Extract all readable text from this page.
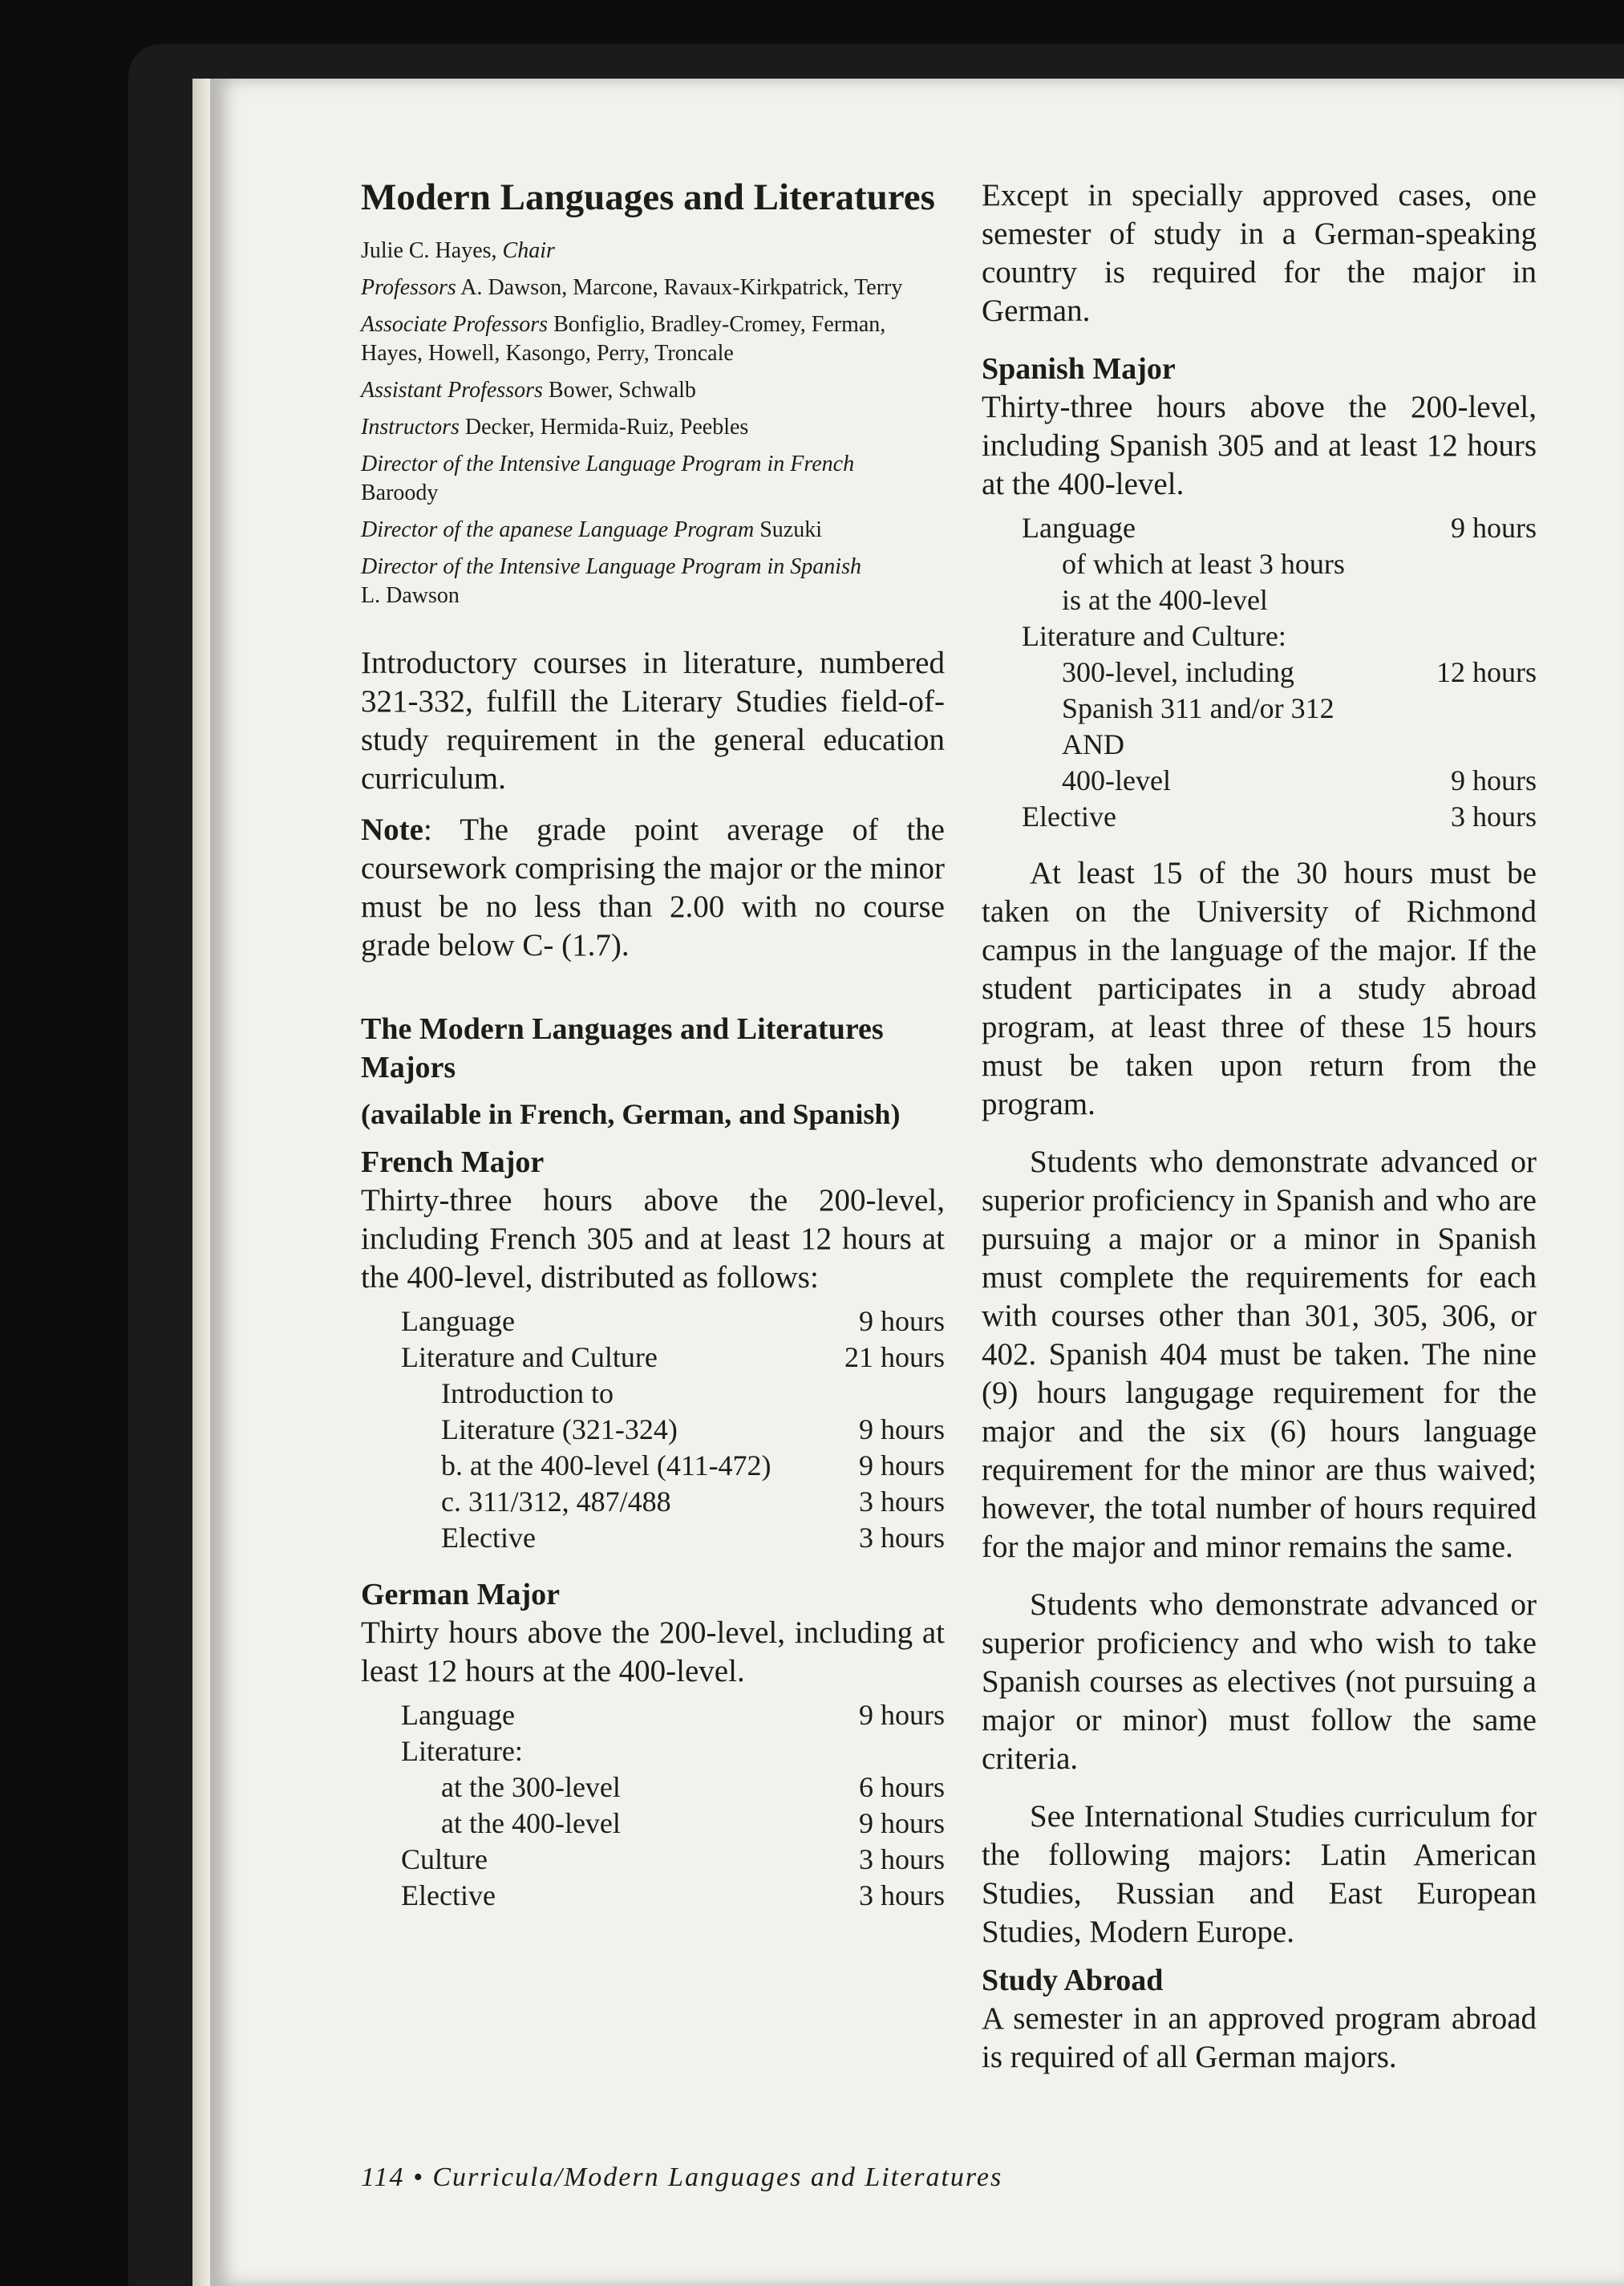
Modern Languages and Literatures

Julie C. Hayes, Chair

Professors A. Dawson, Marcone, Ravaux-Kirkpatrick, Terry

Associate Professors Bonfiglio, Bradley-Cromey, Ferman, Hayes, Howell, Kasongo, Perry, Troncale

Assistant Professors Bower, Schwalb

Instructors Decker, Hermida-Ruiz, Peebles

Director of the Intensive Language Program in French
Baroody

Director of the apanese Language Program Suzuki

Director of the Intensive Language Program in Spanish
L. Dawson

Introductory courses in literature, numbered 321-332, fulfill the Literary Studies field-of-study requirement in the general education curriculum.

Note: The grade point average of the coursework comprising the major or the minor must be no less than 2.00 with no course grade below C- (1.7).

The Modern Languages and Literatures Majors
(available in French, German, and Spanish)
French Major

Thirty-three hours above the 200-level, including French 305 and at least 12 hours at the 400-level, distributed as follows:

Language	9 hours
Literature and Culture	21 hours
Introduction to
Literature (321-324)	9 hours
b. at the 400-level (411-472)	9 hours
c. 311/312, 487/488	3 hours
Elective	3 hours
German Major

Thirty hours above the 200-level, including at least 12 hours at the 400-level.

Language	9 hours
Literature:
at the 300-level	6 hours
at the 400-level	9 hours
Culture	3 hours
Elective	3 hours

Except in specially approved cases, one semester of study in a German-speaking country is required for the major in German.

Spanish Major

Thirty-three hours above the 200-level, including Spanish 305 and at least 12 hours at the 400-level.

Language	9 hours
of which at least 3 hours
is at the 400-level
Literature and Culture:
300-level, including	12 hours
Spanish 311 and/or 312
AND
400-level	9 hours
Elective	3 hours

At least 15 of the 30 hours must be taken on the University of Richmond campus in the language of the major. If the student participates in a study abroad program, at least three of these 15 hours must be taken upon return from the program.

Students who demonstrate advanced or superior proficiency in Spanish and who are pursuing a major or a minor in Spanish must complete the requirements for each with courses other than 301, 305, 306, or 402. Spanish 404 must be taken. The nine (9) hours langugage requirement for the major and the six (6) hours language requirement for the minor are thus waived; however, the total number of hours required for the major and minor remains the same.

Students who demonstrate advanced or superior proficiency and who wish to take Spanish courses as electives (not pursuing a major or minor) must follow the same criteria.

See International Studies curriculum for the following majors: Latin American Studies, Russian and East European Studies, Modern Europe.

Study Abroad

A semester in an approved program abroad is required of all German majors.

114 • Curricula/Modern Languages and Literatures
